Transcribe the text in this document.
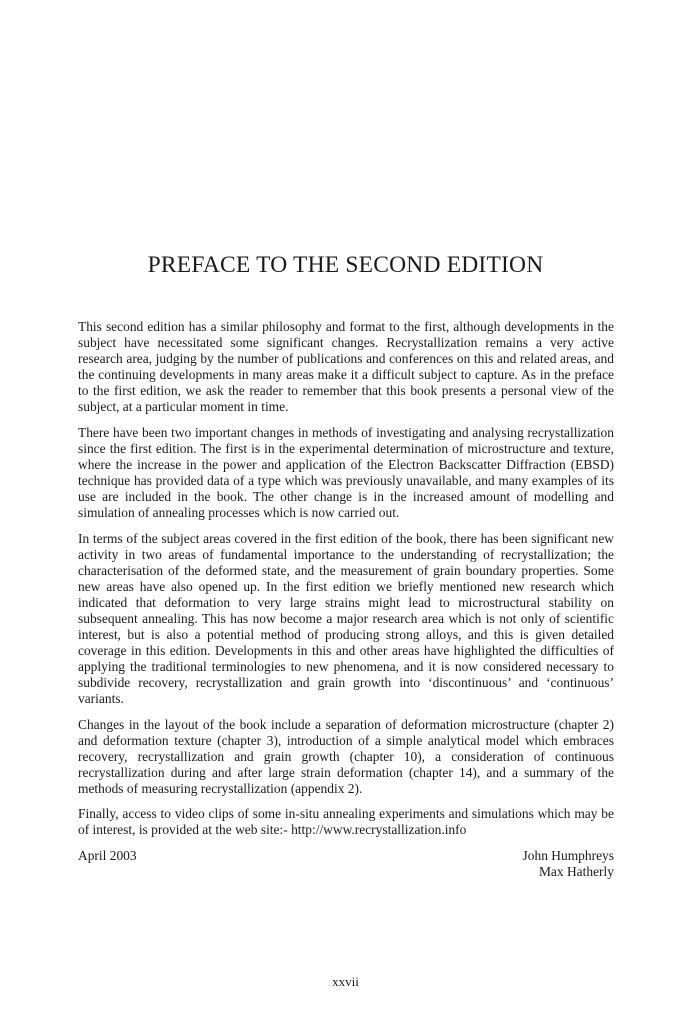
PREFACE TO THE SECOND EDITION

This second edition has a similar philosophy and format to the first, although developments in the subject have necessitated some significant changes. Recrystallization remains a very active research area, judging by the number of publications and conferences on this and related areas, and the continuing developments in many areas make it a difficult subject to capture. As in the preface to the first edition, we ask the reader to remember that this book presents a personal view of the subject, at a particular moment in time.

There have been two important changes in methods of investigating and analysing recrystallization since the first edition. The first is in the experimental determination of microstructure and texture, where the increase in the power and application of the Electron Backscatter Diffraction (EBSD) technique has provided data of a type which was previously unavailable, and many examples of its use are included in the book. The other change is in the increased amount of modelling and simulation of annealing processes which is now carried out.

In terms of the subject areas covered in the first edition of the book, there has been significant new activity in two areas of fundamental importance to the understanding of recrystallization; the characterisation of the deformed state, and the measurement of grain boundary properties. Some new areas have also opened up. In the first edition we briefly mentioned new research which indicated that deformation to very large strains might lead to microstructural stability on subsequent annealing. This has now become a major research area which is not only of scientific interest, but is also a potential method of producing strong alloys, and this is given detailed coverage in this edition. Developments in this and other areas have highlighted the difficulties of applying the traditional terminologies to new phenomena, and it is now considered necessary to subdivide recovery, recrystallization and grain growth into ‘discontinuous’ and ‘continuous’ variants.

Changes in the layout of the book include a separation of deformation microstructure (chapter 2) and deformation texture (chapter 3), introduction of a simple analytical model which embraces recovery, recrystallization and grain growth (chapter 10), a consideration of continuous recrystallization during and after large strain deformation (chapter 14), and a summary of the methods of measuring recrystallization (appendix 2).

Finally, access to video clips of some in-situ annealing experiments and simulations which may be of interest, is provided at the web site:- http://www.recrystallization.info

April 2003	John Humphreys
Max Hatherly
xxvii
